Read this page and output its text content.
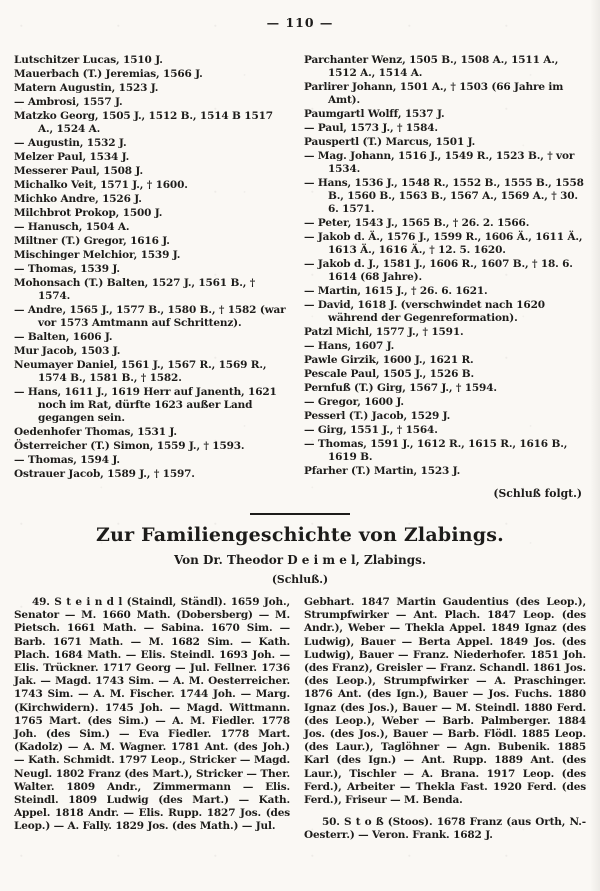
— 110 —
Lutschitzer Lucas, 1510 J.
Mauerbach (T.) Jeremias, 1566 J.
Matern Augustin, 1523 J.
— Ambrosi, 1557 J.
Matzko Georg, 1505 J., 1512 B., 1514 B 1517 A., 1524 A.
— Augustin, 1532 J.
Melzer Paul, 1534 J.
Messerer Paul, 1508 J.
Michalko Veit, 1571 J., † 1600.
Michko Andre, 1526 J.
Milchbrot Prokop, 1500 J.
— Hanusch, 1504 A.
Miltner (T.) Gregor, 1616 J.
Mischinger Melchior, 1539 J.
— Thomas, 1539 J.
Mohonsach (T.) Balten, 1527 J., 1561 B., † 1574.
— Andre, 1565 J., 1577 B., 1580 B., † 1582 (war vor 1573 Amtmann auf Schrittenz).
— Balten, 1606 J.
Mur Jacob, 1503 J.
Neumayer Daniel, 1561 J., 1567 R., 1569 R., 1574 B., 1581 B., † 1582.
— Hans, 1611 J., 1619 Herr auf Janenth, 1621 noch im Rat, dürfte 1623 außer Land gegangen sein.
Oedenhofer Thomas, 1531 J.
Österreicher (T.) Simon, 1559 J., † 1593.
— Thomas, 1594 J.
Ostrauer Jacob, 1589 J., † 1597.
Parchanter Wenz, 1505 B., 1508 A., 1511 A., 1512 A., 1514 A.
Parlirer Johann, 1501 A., † 1503 (66 Jahre im Amt).
Paumgartl Wolff, 1537 J.
— Paul, 1573 J., † 1584.
Pauspertl (T.) Marcus, 1501 J.
— Mag. Johann, 1516 J., 1549 R., 1523 B., † vor 1534.
— Hans, 1536 J., 1548 R., 1552 B., 1555 B., 1558 B., 1560 B., 1563 B., 1567 A., 1569 A., † 30. 6. 1571.
— Peter, 1543 J., 1565 B., † 26. 2. 1566.
— Jakob d. Ä., 1576 J., 1599 R., 1606 Ä., 1611 Ä., 1613 Ä., 1616 Ä., † 12. 5. 1620.
— Jakob d. J., 1581 J., 1606 R., 1607 B., † 18. 6. 1614 (68 Jahre).
— Martin, 1615 J., † 26. 6. 1621.
— David, 1618 J. (verschwindet nach 1620 während der Gegenreformation).
Patzl Michl, 1577 J., † 1591.
— Hans, 1607 J.
Pawle Girzik, 1600 J., 1621 R.
Pescale Paul, 1505 J., 1526 B.
Pernfuß (T.) Girg, 1567 J., † 1594.
— Gregor, 1600 J.
Pesserl (T.) Jacob, 1529 J.
— Girg, 1551 J., † 1564.
— Thomas, 1591 J., 1612 R., 1615 R., 1616 B., 1619 B.
Pfarher (T.) Martin, 1523 J.
(Schluß folgt.)
Zur Familiengeschichte von Zlabings.
Von Dr. Theodor D e i m e l, Zlabings.
(Schluß.)
49. S t e i n d l (Staindl, Ständl). 1659 Joh., Senator — M. 1660 Math. (Dobersberg) — M. Pietsch. 1661 Math. — Sabina. 1670 Sim. — Barb. 1671 Math. — M. 1682 Sim. — Kath. Plach. 1684 Math. — Elis. Steindl. 1693 Joh. — Elis. Trückner. 1717 Georg — Jul. Fellner. 1736 Jak. — Magd. 1743 Sim. — A. M. Oesterreicher. 1743 Sim. — A. M. Fischer. 1744 Joh. — Marg. (Kirchwidern). 1745 Joh. — Magd. Wittmann. 1765 Mart. (des Sim.) — A. M. Fiedler. 1778 Joh. (des Sim.) — Eva Fiedler. 1778 Mart. (Kadolz) — A. M. Wagner. 1781 Ant. (des Joh.) — Kath. Schmidt. 1797 Leop., Stricker — Magd. Neugl. 1802 Franz (des Mart.), Stricker — Ther. Walter. 1809 Andr., Zimmermann — Elis. Steindl. 1809 Ludwig (des Mart.) — Kath. Appel. 1818 Andr. — Elis. Rupp. 1827 Jos. (des Leop.) — A. Fally. 1829 Jos. (des Math.) — Jul.
Gebhart. 1847 Martin Gaudentius (des Leop.), Strumpfwirker — Ant. Plach. 1847 Leop. (des Andr.), Weber — Thekla Appel. 1849 Ignaz (des Ludwig), Bauer — Berta Appel. 1849 Jos. (des Ludwig), Bauer — Franz. Niederhofer. 1851 Joh. (des Franz), Greisler — Franz. Schandl. 1861 Jos. (des Leop.), Strumpfwirker — A. Praschinger. 1876 Ant. (des Ign.), Bauer — Jos. Fuchs. 1880 Ignaz (des Jos.), Bauer — M. Steindl. 1880 Ferd. (des Leop.), Weber — Barb. Palmberger. 1884 Jos. (des Jos.), Bauer — Barb. Flödl. 1885 Leop. (des Laur.), Taglöhner — Agn. Bubenik. 1885 Karl (des Ign.) — Ant. Rupp. 1889 Ant. (des Laur.), Tischler — A. Brana. 1917 Leop. (des Ferd.), Arbeiter — Thekla Fast. 1920 Ferd. (des Ferd.), Friseur — M. Benda.
50. S t o ß (Stoos). 1678 Franz (aus Orth, N.-Oesterr.) — Veron. Frank. 1682 J.
